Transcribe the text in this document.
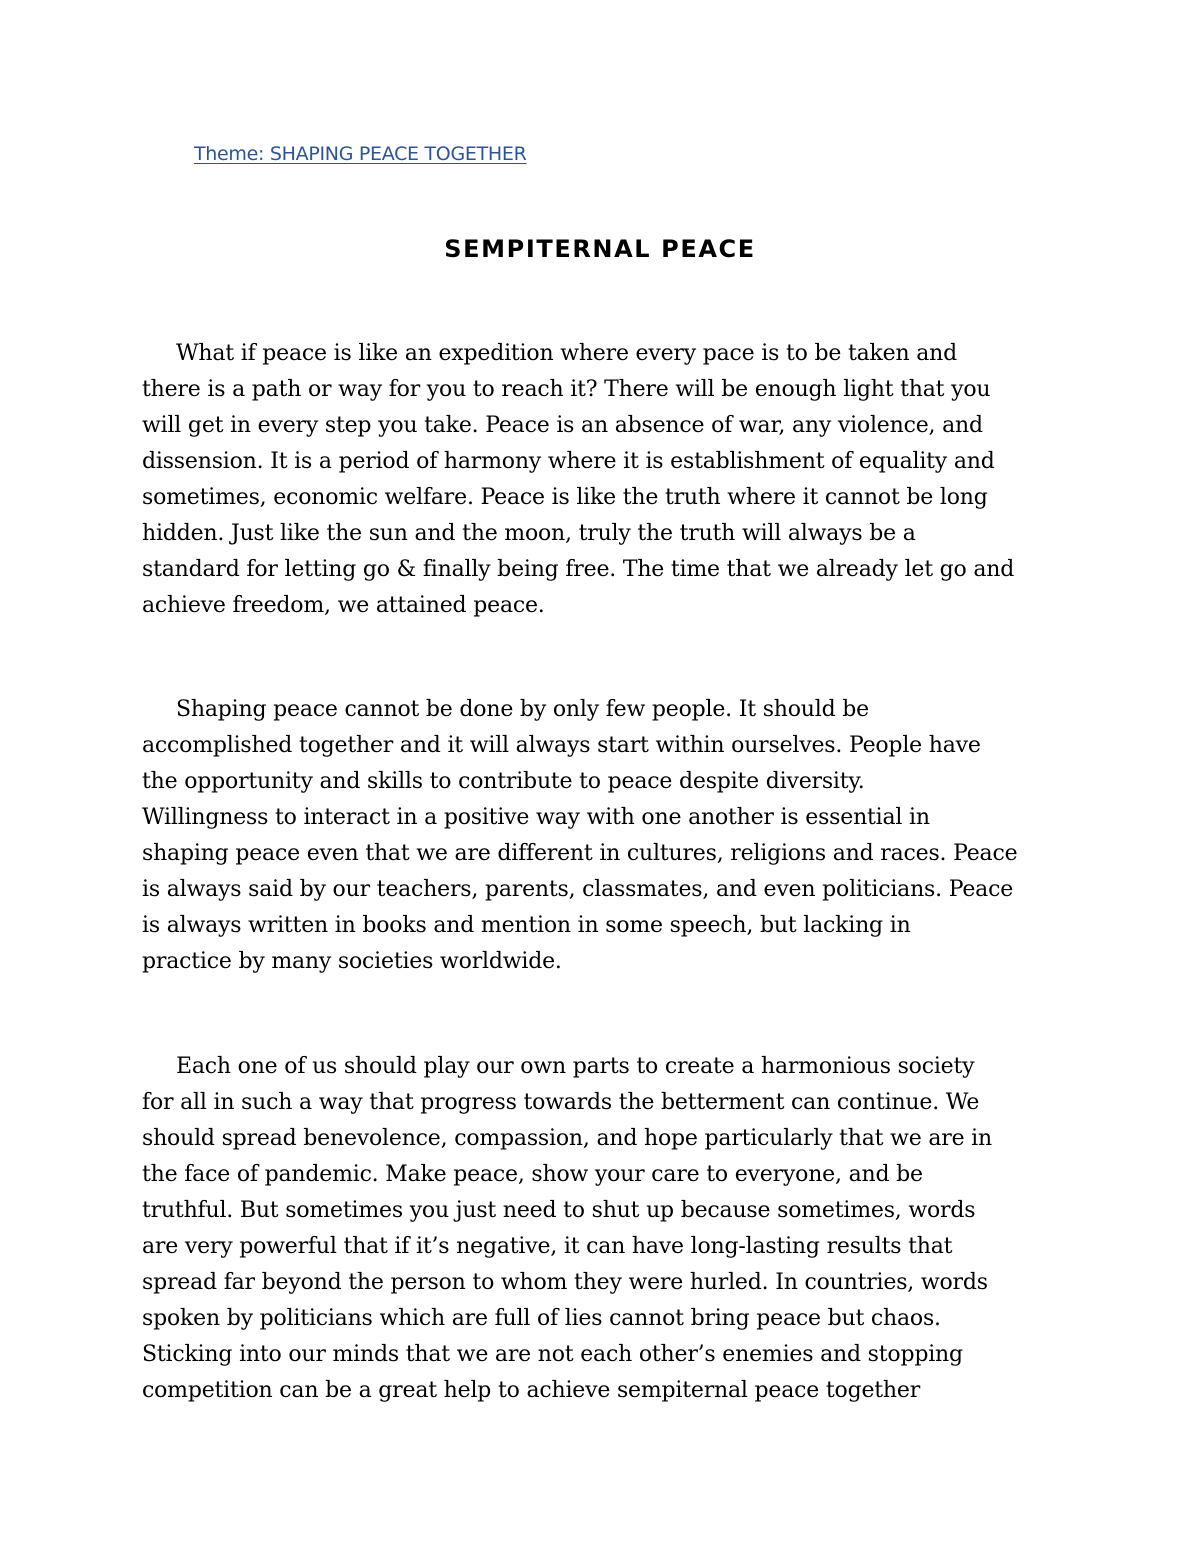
Theme: SHAPING PEACE TOGETHER
SEMPITERNAL PEACE
What if peace is like an expedition where every pace is to be taken and
there is a path or way for you to reach it? There will be enough light that you
will get in every step you take. Peace is an absence of war, any violence, and
dissension. It is a period of harmony where it is establishment of equality and
sometimes, economic welfare. Peace is like the truth where it cannot be long
hidden. Just like the sun and the moon, truly the truth will always be a
standard for letting go & finally being free. The time that we already let go and
achieve freedom, we attained peace.
Shaping peace cannot be done by only few people. It should be
accomplished together and it will always start within ourselves. People have
the opportunity and skills to contribute to peace despite diversity.
Willingness to interact in a positive way with one another is essential in
shaping peace even that we are different in cultures, religions and races. Peace
is always said by our teachers, parents, classmates, and even politicians. Peace
is always written in books and mention in some speech, but lacking in
practice by many societies worldwide.
Each one of us should play our own parts to create a harmonious society
for all in such a way that progress towards the betterment can continue. We
should spread benevolence, compassion, and hope particularly that we are in
the face of pandemic. Make peace, show your care to everyone, and be
truthful. But sometimes you just need to shut up because sometimes, words
are very powerful that if it’s negative, it can have long-lasting results that
spread far beyond the person to whom they were hurled. In countries, words
spoken by politicians which are full of lies cannot bring peace but chaos.
Sticking into our minds that we are not each other’s enemies and stopping
competition can be a great help to achieve sempiternal peace together
